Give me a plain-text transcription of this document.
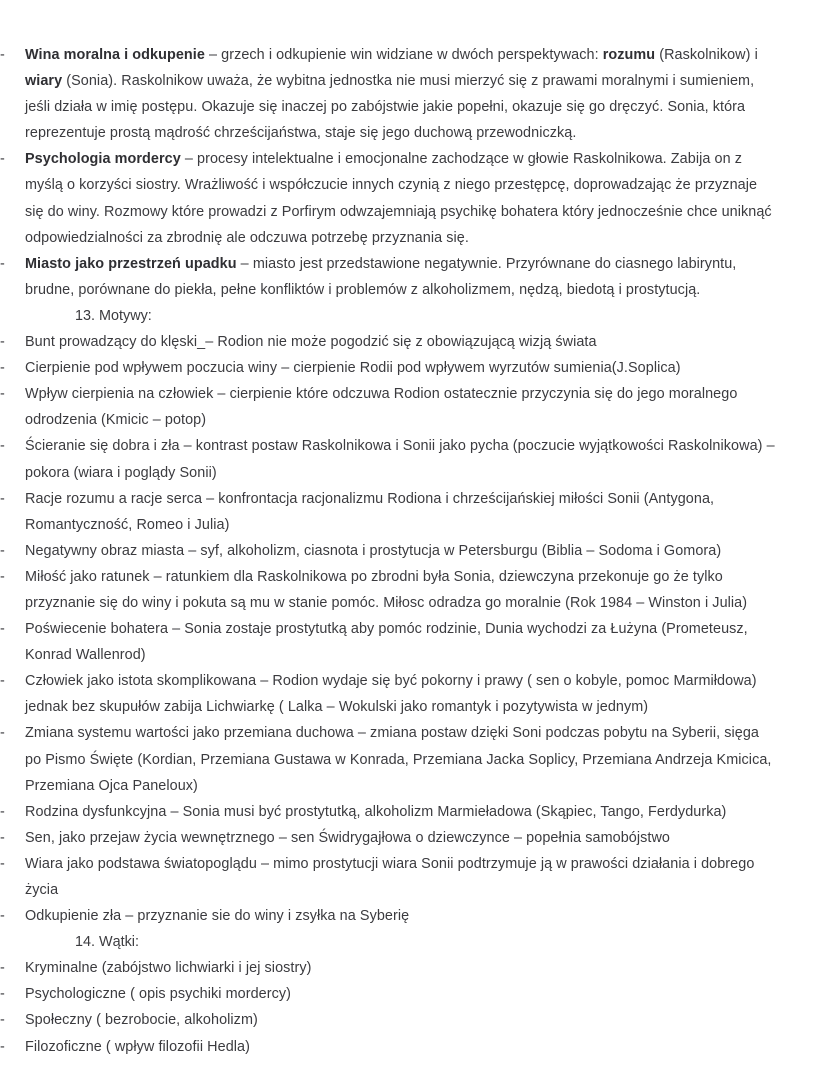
-	Wina moralna i odkupenie – grzech i odkupienie win widziane w dwóch perspektywach: rozumu (Raskolnikow) i wiary (Sonia). Raskolnikow uważa, że wybitna jednostka nie musi mierzyć się z prawami moralnymi i sumieniem, jeśli działa w imię postępu. Okazuje się inaczej po zabójstwie jakie popełni, okazuje się go dręczyć. Sonia, która reprezentuje prostą mądrość chrześcijaństwa, staje się jego duchową przewodniczką.
-	Psychologia mordercy – procesy intelektualne i emocjonalne zachodzące w głowie Raskolnikowa. Zabija on z myślą o korzyści siostry. Wrażliwość i współczucie innych czynią z niego przestępcę, doprowadzając że przyznaje się do winy. Rozmowy które prowadzi z Porfirym odwzajemniają psychikę bohatera który jednocześnie chce uniknąć odpowiedzialności za zbrodnię ale odczuwa potrzebę przyznania się.
-	Miasto jako przestrzeń upadku – miasto jest przedstawione negatywnie. Przyrównane do ciasnego labiryntu, brudne, porównane do piekła, pełne konfliktów i problemów z alkoholizmem, nędzą, biedotą i prostytucją.
13. Motywy:
-	Bunt prowadzący do klęski_– Rodion nie może pogodzić się z obowiązującą wizją świata
-	Cierpienie pod wpływem poczucia winy – cierpienie Rodii pod wpływem wyrzutów sumienia(J.Soplica)
-	Wpływ cierpienia na człowiek – cierpienie które odczuwa Rodion ostatecznie przyczynia się do jego moralnego odrodzenia (Kmicic – potop)
-	Ścieranie się dobra i zła – kontrast postaw Raskolnikowa i Sonii jako pycha (poczucie wyjątkowości Raskolnikowa) – pokora (wiara i poglądy Sonii)
-	Racje rozumu a racje serca – konfrontacja racjonalizmu Rodiona i chrześcijańskiej miłości Sonii (Antygona, Romantyczność, Romeo i Julia)
-	Negatywny obraz miasta – syf, alkoholizm, ciasnota i prostytucja w Petersburgu (Biblia – Sodoma i Gomora)
-	Miłość jako ratunek – ratunkiem dla Raskolnikowa po zbrodni była Sonia, dziewczyna przekonuje go że tylko przyznanie się do winy i pokuta są mu w stanie pomóc. Miłosc odradza go moralnie (Rok 1984 – Winston i Julia)
-	Poświecenie bohatera – Sonia zostaje prostytutką aby pomóc rodzinie, Dunia wychodzi za Łużyna (Prometeusz, Konrad Wallenrod)
-	Człowiek jako istota skomplikowana – Rodion wydaje się być pokorny i prawy ( sen o kobyle, pomoc Marmiłdowa) jednak bez skupułów zabija Lichwiarkę ( Lalka – Wokulski jako romantyk i pozytywista w jednym)
-	Zmiana systemu wartości jako przemiana duchowa – zmiana postaw dzięki Soni podczas pobytu na Syberii, sięga po Pismo Święte (Kordian, Przemiana Gustawa w Konrada, Przemiana Jacka Soplicy, Przemiana Andrzeja Kmicica, Przemiana Ojca Paneloux)
-	Rodzina dysfunkcyjna – Sonia musi być prostytutką, alkoholizm Marmieładowa (Skąpiec, Tango, Ferdydurka)
-	Sen, jako przejaw życia wewnętrznego – sen Świdrygajłowa o dziewczynce – popełnia samobójstwo
-	Wiara jako podstawa światopoglądu – mimo prostytucji wiara Sonii podtrzymuje ją w prawości działania i dobrego życia
-	Odkupienie zła – przyznanie sie do winy i zsyłka na Syberię
14. Wątki:
-	Kryminalne (zabójstwo lichwiarki i jej siostry)
-	Psychologiczne ( opis psychiki mordercy)
-	Społeczny ( bezrobocie, alkoholizm)
-	Filozoficzne ( wpływ filozofii Hedla)
